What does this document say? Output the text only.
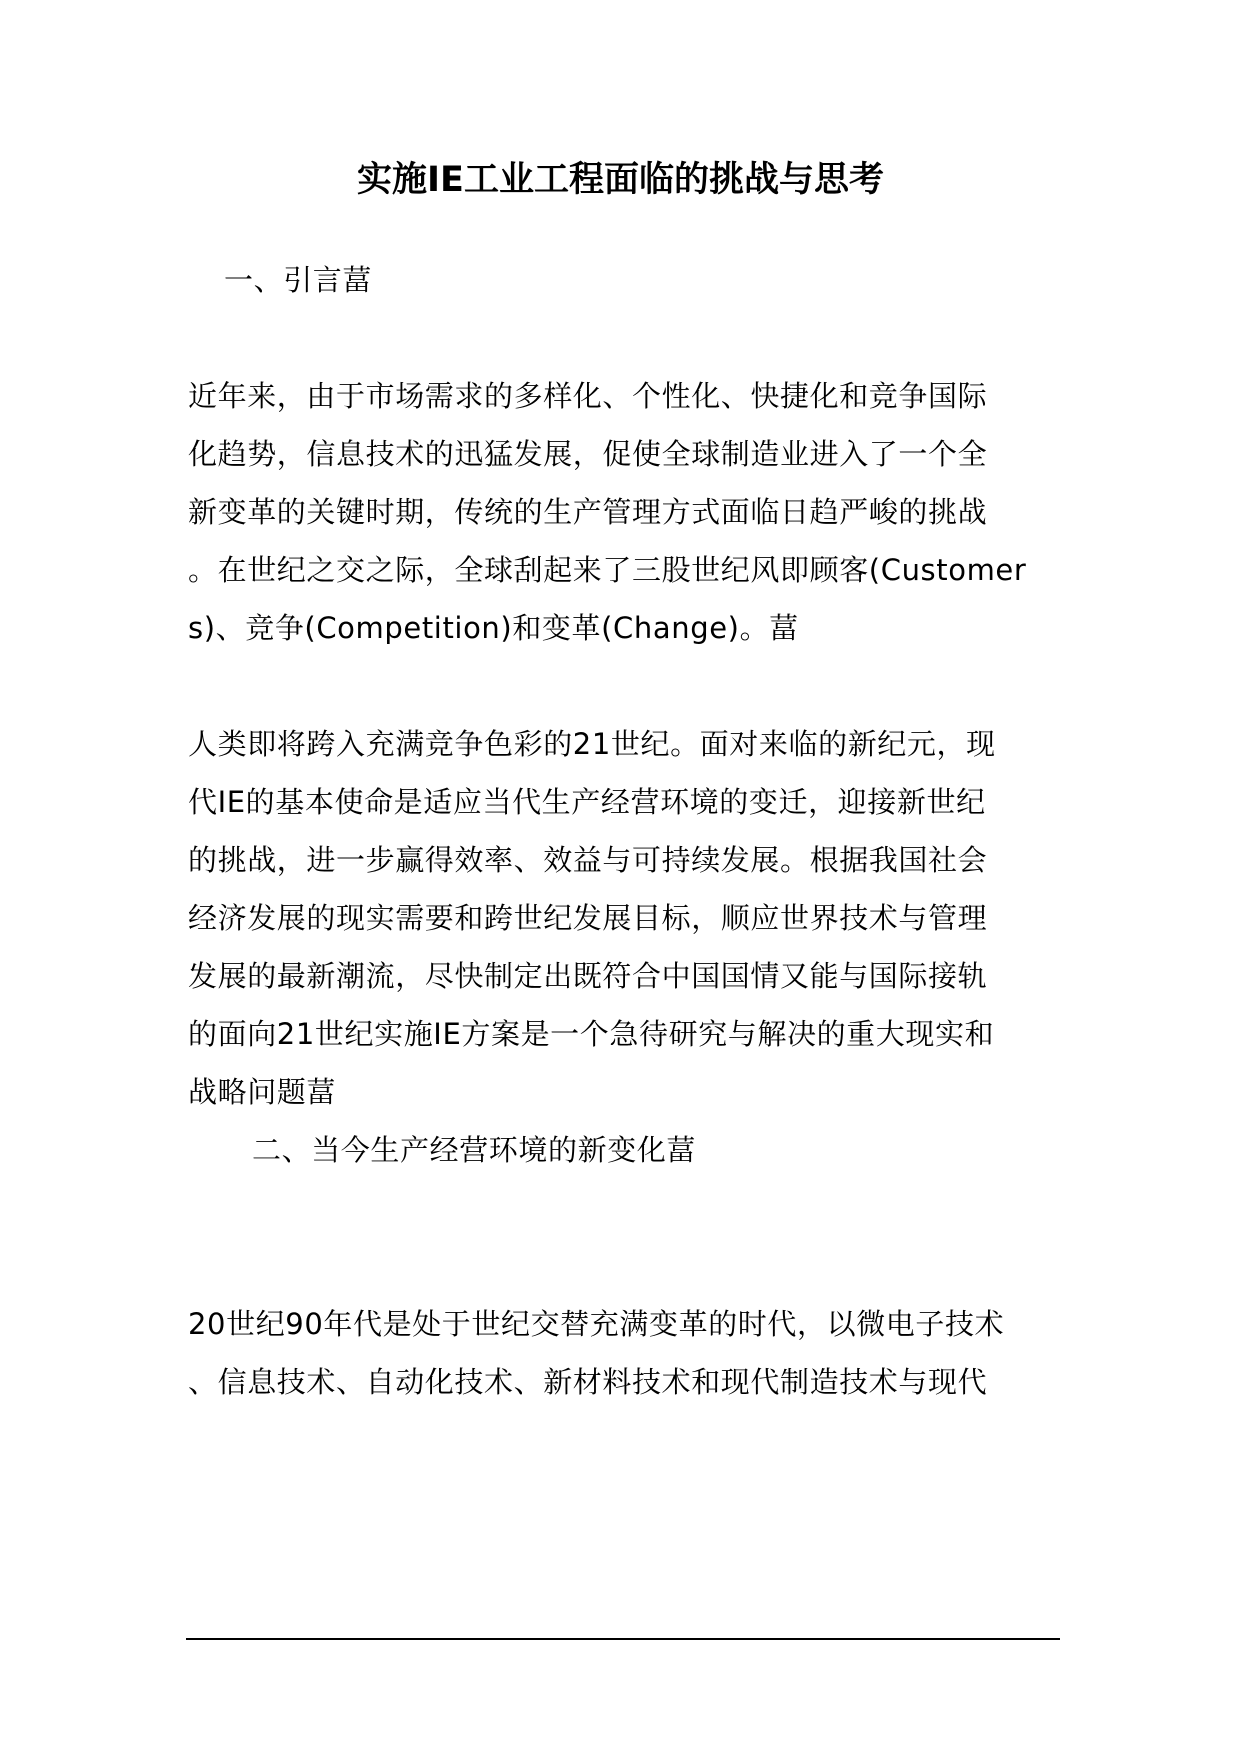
实施IE工业工程面临的挑战与思考
一、引言葍
近年来，由于市场需求的多样化、个性化、快捷化和竞争国际
化趋势，信息技术的迅猛发展，促使全球制造业进入了一个全
新变革的关键时期，传统的生产管理方式面临日趋严峻的挑战
。在世纪之交之际，全球刮起来了三股世纪风即顾客(Customer
s)、竞争(Competition)和变革(Change)。葍
人类即将跨入充满竞争色彩的21世纪。面对来临的新纪元，现
代IE的基本使命是适应当代生产经营环境的变迁，迎接新世纪
的挑战，进一步赢得效率、效益与可持续发展。根据我国社会
经济发展的现实需要和跨世纪发展目标，顺应世界技术与管理
发展的最新潮流，尽快制定出既符合中国国情又能与国际接轨
的面向21世纪实施IE方案是一个急待研究与解决的重大现实和
战略问题葍
二、当今生产经营环境的新变化葍
20世纪90年代是处于世纪交替充满变革的时代，以微电子技术
、信息技术、自动化技术、新材料技术和现代制造技术与现代
